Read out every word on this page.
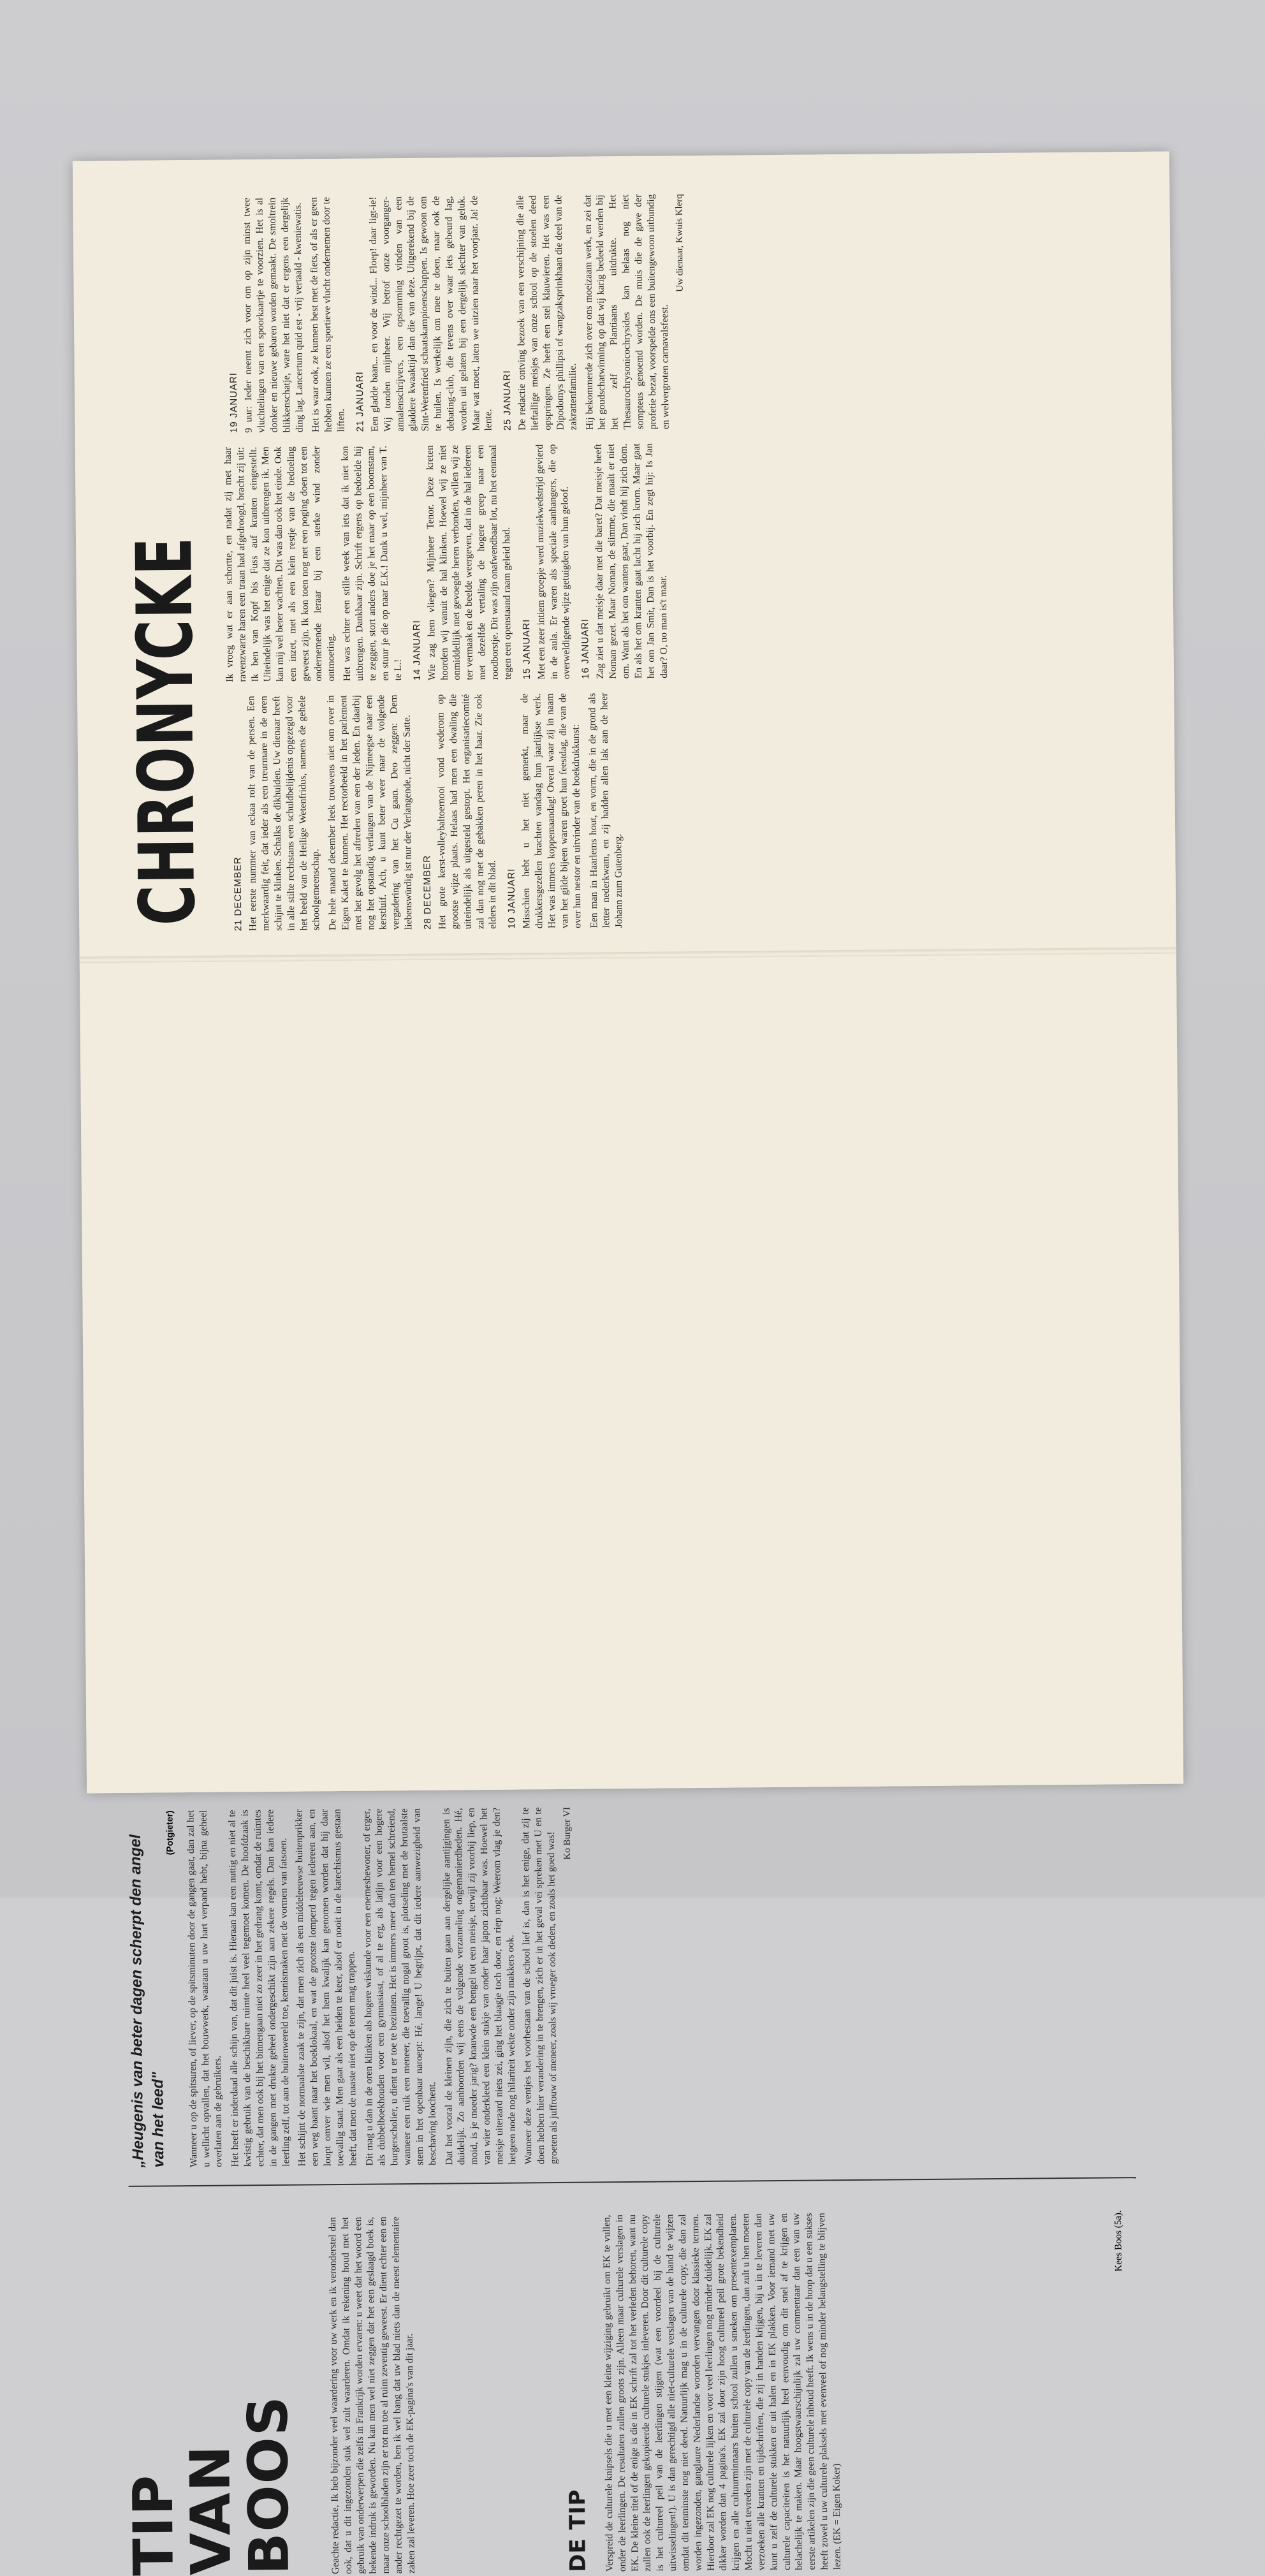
CHRONYCKE 21 DECEMBER Het eerste nummer van eckaa rolt van de persen. Een merkwaardig feit, dat ieder als een treurmare in de oren schijnt te klinken. Schalks de dikhuiden. Uw dienaar heeft in alle stilte rechtstans een schuldbelijdenis opgezegd voor het beeld van de Heilige Wetenfridus, namens de gehele schoolgemeenschap. De hele maand december leek trouwens niet om over in Eigen Kaket te kunnen. Het rectorbeeld in het parlement met het gevolg het aftreden van een der leden. En daarbij nog het opstandig verlangen van de Nijmeegse naar een kerstluif. Ach, u kunt beter weer naar de volgende vergadering van het Cu gaan. Deo zeggen: Dem liebenswürdig ist nur der Verlangende, nicht der Satte. 28 DECEMBER Het grote kerst-volleybaltoernooi vond wederom op grootse wijze plaats. Helaas had men een dwaling die uiteindelijk als uitgesteld gestopt. Het organisatiecomité zal dan nog met de gebakken peren in het haar. Zie ook elders in dit blad. 10 JANUARI Misschien hebt u het niet gemerkt, maar de drukkersgezellen brachten vandaag hun jaarlijkse werk. Het was immers koppemaandag! Overal waar zij in naam van het gilde bijeen waren groet hun feestdag, die van de over hun nestor en uitvinder van de boekdrukkunst: Een man in Haarlems hout, en vorm, die in de grond als letter nederkwam, en zij hadden allen lak aan de heer Johann zum Gutenberg.

Ik vroeg wat er aan schortte, en nadat zij met haar ravenzwarte haren een traan had afgedroogd, bracht zij uit: Ik ben van Kopf bis Fuss auf kranten eingestellt. Uiteindelijk was het enige dat ze kon uitbrengen ik. Men kan mij wel beter wachten. Dit was dan ook het einde. Ook een inzet, met als een klein restje van de bedoeling geweest zijn. Ik kon toen nog net een poging doen tot een ondernemende leraar bij een sterke wind zonder ontmoeting. Het was echter een stille week van iets dat ik niet kon uitbrengen. Dankbaar zijn. Schrift ergens op bedoelde hij te zeggen, stort anders doe je het maar op een boomstam, en stuur je die op naar E.K.! Dank u wel, mijnheer van T. te L.! 14 JANUARI Wie zag hem vliegen? Mijnheer Tenor. Deze kreten hoorden wij vanuit de hal klinken. Hoewel wij ze niet onmiddellijk met gevoegde heren verbonden, willen wij ze ter vermaak en de beelde weergeven, dat in de hal iedereen met dezelfde vertaling de hogere greep naar een roodborstje. Dit was zijn onafwendbaar lot, nu het eenmaal tegen een openstaand raam geleid had. 15 JANUARI Met een zeer intiem groepje werd muziekwedstrijd gevierd in de aula. Er waren als speciale aanhangers, die op overweldigende wijze getuigden van hun geloof. 16 JANUARI Zag ziet u dat meisje daar met die baret? Dat meisje heeft Noman gezet. Maar Noman, de slimme, die maalt er niet om. Want als het om wanten gaat, Dan vindt hij zich dom. En als het om kranten gaat lacht hij zich krom. Maar gaat het om Jan Smit, Dan is het voorbij. En zegt hij: Is Jan daar? O, no man is't maar.

19 JANUARI 9 uur: Ieder neemt zich voor om op zijn minst twee vluchtelingen van een spoorkaartje te voorzien. Het is al donker en nieuwe gebaren worden gemaakt. De smoltrein blikkenschatje, ware het niet dat er ergens een dergelijk ding lag. Lancertum quid est - vrij vertaald - kweniewatis. Het is waar ook, ze kunnen best met de fiets, of als er geen hebben kunnen ze een sportieve vlucht ondernemen door te liften. 21 JANUARI Een gladde baan... en voor de wind... Floep! daar ligt-ie! Wij tonden mijnheer. Wij betrof onze voorganger-annalenschrijvers, een opsomming vinden van een gladdere kwaaktijd dan die van deze. Uitgerekend bij de Sint-Werenfried schaatskampioenschappen. Is gewoon om te huilen. Is werkelijk om mee te doen, maar ook de debating-club, die tevens over waar iets gebeurd lag, worden uit gelaten bij een dergelijk slechter van geluk. Maar wat moet, laten we uitzien naar het voorjaar. Ja! de lente. 25 JANUARI De redactie ontving bezoek van een verschijning die alle lieftallige meisjes van onze school op de stoelen deed opspringen. Ze heeft een stel klauwieren. Het was een Dipodomys phillipsi of wangzaksprinkhaan die deel van de zakrattenfamilie. Hij bekommerde zich over ons moeizaam werk, en zei dat het goudschatwinning op dat wij karig bedeeld werden bij het zelf Plantiaans uitdrukte. Het Thesaurochrysonicochrysides kan helaas nog niet sompteus genoemd worden. De muis die de gave der profetie bezat, voorspelde ons een buitengewoon uitbundig en welvergroten carnavalsfeest.

Uw dienaar, Kwuis Klerq
TIP
VAN
BOOS	Geachte redactie, Ik heb bijzonder veel waardering voor uw werk en ik veronderstel dan ook, dat u dit ingezonden stuk wel zult waarderen. Omdat ik rekening houd met het gebruik van onderwerpen die zelfs in Frankrijk worden ervaren: u weet dat het woord een bekende indruk is geworden. Nu kan men wel niet zeggen dat het een geslaagd boek is, maar onze schoolbladen zijn er tot nu toe al ruim zeventig geweest. Er dient echter een en ander rechtgezet te worden, ben ik wel bang dat uw blad niets dan de meest elementaire zaken zal leveren. Hoe zeer toch de EK-pagina's van dit jaar.	DE TIP Verspreid de culturele knipsels die u met een kleine wijziging gebruikt om EK te vullen, onder de leerlingen. De resultaten zullen groots zijn. Alleen maar culturele verslagen in EK. De kleine titel of de enige is die in EK schrift zal tot het verleden behoren, want nu zullen ook de leerlingen gekopieerde culturele stukjes inleveren. Door dit culturele copy is het cultureel peil van de leerlingen stijgen (wat een voordeel bij de culturele uitwisselingen!). U is dan gerechtigd alle niet-culturele verslagen van de hand te wijzen omdat dit tenminste nog niet deed. Natuurlijk mag u in de culturele copy, die dan zal worden ingezonden, ganglaure Nederlandse woorden vervangen door klassieke termen. Hierdoor zal EK nog culturele lijken en voor veel leerlingen nog minder duidelijk. EK zal dikker worden dan 4 pagina's. EK zal door zijn hoog cultureel peil grote bekendheid krijgen en alle cultuurminnaars buiten school zullen u smeken om presentexemplaren. Mocht u niet tevreden zijn met de culturele copy van de leerlingen, dan zult u hen moeten verzoeken alle kranten en tijdschriften, die zij in handen krijgen, bij u in te leveren dan kunt u zelf de culturele stukken er uit halen en in EK plakken. Voor iemand met uw culturele capaciteiten is het natuurlijk heel eenvoudig om dit snel af te krijgen en belachelijk te maken. Maar hoogstwaarschijnlijk zal uw commentaar dan een van uw eerste artikelen zijn die geen culturele inhoud heeft. Ik wens u in de hoop dat u een sukses heeft zowel u uw culturele plaksels met evenveel of nog minder belangstelling te blijven lezen. (EK = Eigen Koker)
Kees Boos (5a).
„Heugenis van beter dagen scherpt den angel van het leed"
(Potgieter) Wanneer u op de spitsuren, of liever, op de spitsminuten door de gangen gaat, dan zal het u wellicht opvallen, dat het bouwwerk, waaraan u uw hart verpand hebt, bijna geheel overlaten aan de gebruikers. Het heeft er inderdaad alle schijn van, dat dit juist is. Hieraan kan een nuttig en niet al te kwistig gebruik van de beschikbare ruimte heel veel tegemoet komen. De hoofdzaak is echter, dat men ook bij het binnengaan niet zo zeer in het gedrang komt, omdat de ruimtes in de gangen met drukte geheel ondergeschikt zijn aan zekere regels. Dan kan iedere leerling zelf, tot aan de buitenwereld toe, kennismaken met de vormen van fatsoen. Het schijnt de normaalste zaak te zijn, dat men zich als een middeleeuwse buitenprikker een weg baant naar het boeklokaal, en wat de grootste lomperd tegen iedereen aan, en loopt omver wie men wil, alsof het hem kwalijk kan genomen worden dat hij daar toevallig staat. Men gaat als een heiden te keer, alsof er nooit in de katechismus gestaan heeft, dat men de naaste niet op de tenen mag trappen. Dit mag u dan in de oren klinken als hogere wiskunde voor een enemesbewoner, of erger, als dubbelboekhouden voor een gymnasiast, of al te erg, als latijn voor een hogere burgerscholier, u dient u er toe te bezinnen. Het is immers meer dan ten hemel schreiend, wanneer een ruik een meneer, die toevallig nogal groot is, plotseling met de brutaalste stem in het openbaar naroept: Hé, lange! U begrijpt, dat dit iedere aanwezigheid van beschaving loochent. Dat het vooral de kleinen zijn, die zich te buiten gaan aan dergelijke aantijgingen is duidelijk. Zo aanhoorden wij eens de volgende verzameling ongemanierdheden. Hé, moid, is je moeder jarig? knauwde een bengel tot een meisje, terwijl zij voorbij liep, en van wier onderkleed een klein stukje van onder haar japon zichtbaar was. Hoewel het meisje uiteraard niets zei, ging het blaagje toch door, en riep nog: Weerom vlag je den? hetgeen node nog hilariteit wekte onder zijn makkers ook. Wanneer deze ventjes het voorbestaan van de school lief is, dan is het enige, dat zij te doen hebben hier verandering in te brengen, zich er in het geval vei spreken met U en te groeten als juffrouw of meneer, zoals wij vroeger ook deden, en zoals het goed was! Ko Burger VI
